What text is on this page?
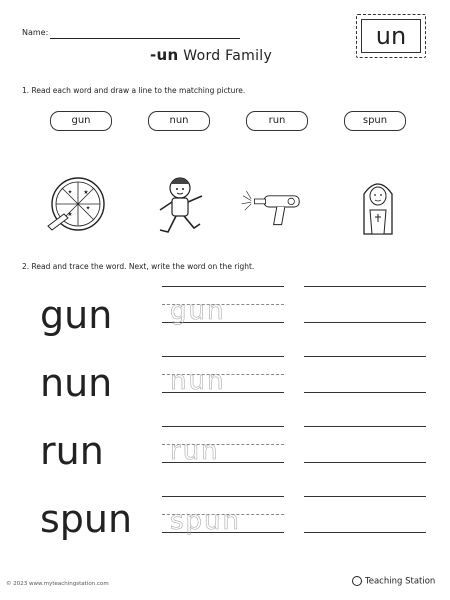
Name:
-un Word Family
un
1. Read each word and draw a line to the matching picture.
gun	nun	run	spun
✦ ★
✦
★
·
2. Read and trace the word. Next, write the word on the right.
gun gun
nun nun
run	run
spun spun
© 2023 www.myteachingstation.com	Teaching Station
